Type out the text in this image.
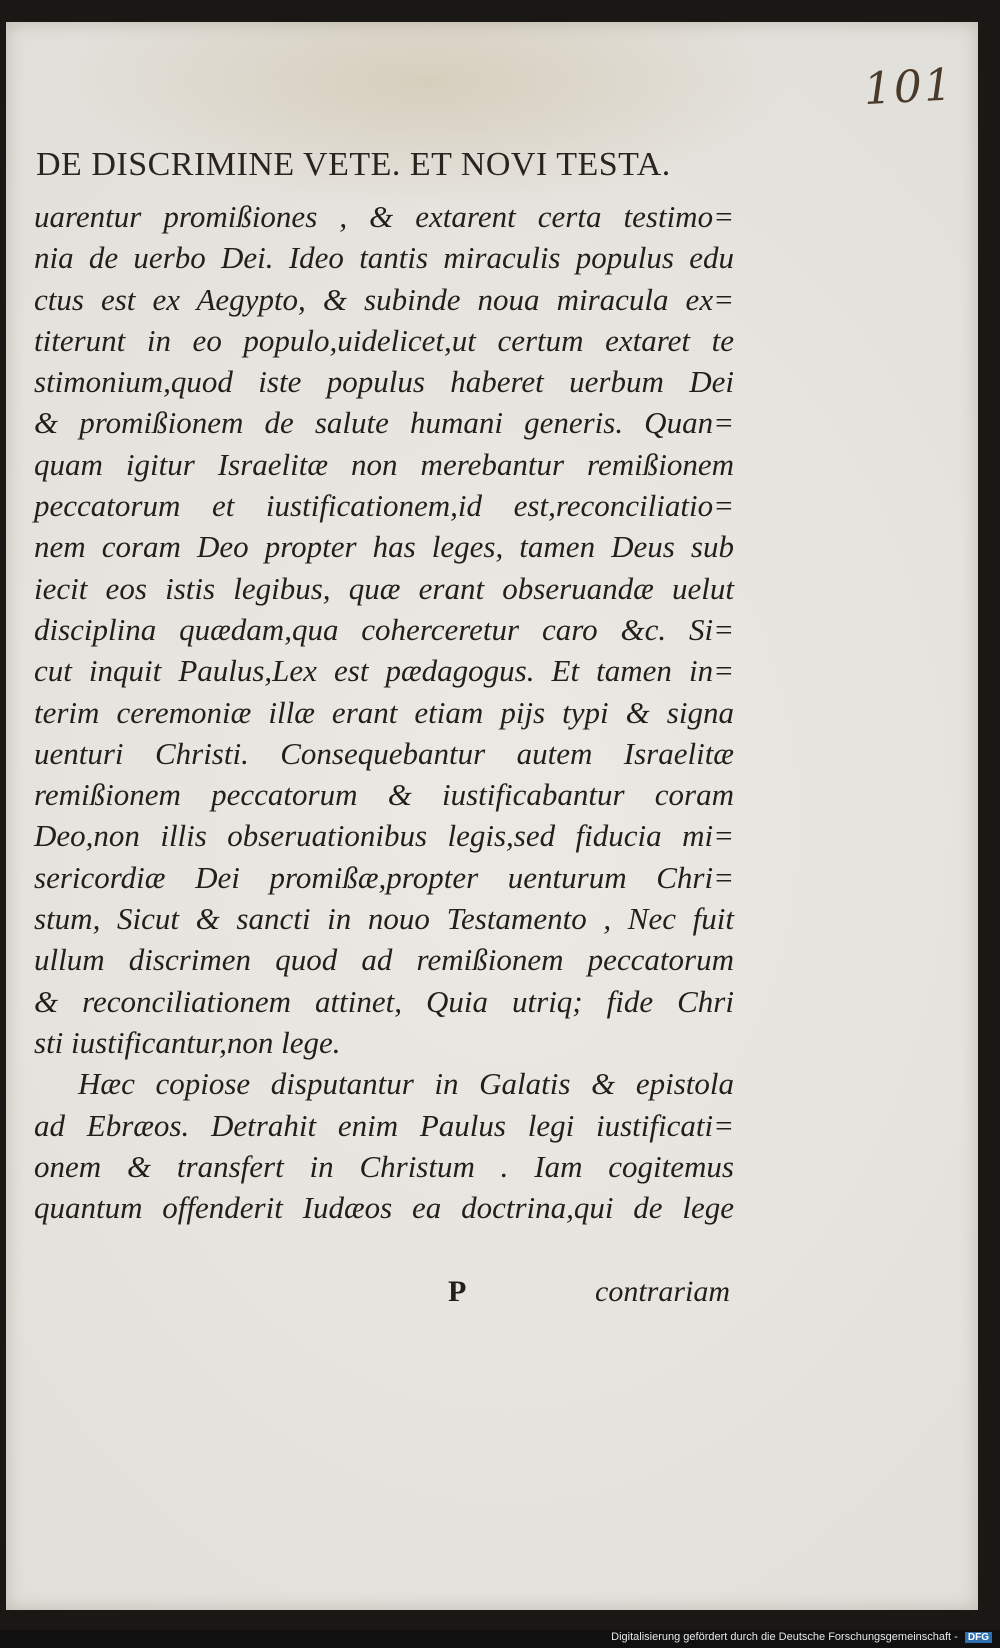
101
DE DISCRIMINE VETE. ET NOVI TESTA.
uarentur promißiones , & extarent certa testimo=
nia de uerbo Dei. Ideo tantis miraculis populus edu
ctus est ex Aegypto, & subinde noua miracula ex=
titerunt in eo populo,uidelicet,ut certum extaret te
stimonium,quod iste populus haberet uerbum Dei
& promißionem de salute humani generis. Quan=
quam igitur Israelitæ non merebantur remißionem
peccatorum et iustificationem,id est,reconciliatio=
nem coram Deo propter has leges, tamen Deus sub
iecit eos istis legibus, quæ erant obseruandæ uelut
disciplina quædam,qua coherceretur caro &c. Si=
cut inquit Paulus,Lex est pædagogus. Et tamen in=
terim ceremoniæ illæ erant etiam pijs typi & signa
uenturi Christi. Consequebantur autem Israelitæ
remißionem peccatorum & iustificabantur coram
Deo,non illis obseruationibus legis,sed fiducia mi=
sericordiæ Dei promißæ,propter uenturum Chri=
stum, Sicut & sancti in nouo Testamento , Nec fuit
ullum discrimen quod ad remißionem peccatorum
& reconciliationem attinet, Quia utriq; fide Chri
sti iustificantur,non lege.
Hæc copiose disputantur in Galatis & epistola
ad Ebræos. Detrahit enim Paulus legi iustificati=
onem & transfert in Christum . Iam cogitemus
quantum offenderit Iudæos ea doctrina,qui de lege
P	contrariam
Digitalisierung gefördert durch die Deutsche Forschungsgemeinschaft - DFG
